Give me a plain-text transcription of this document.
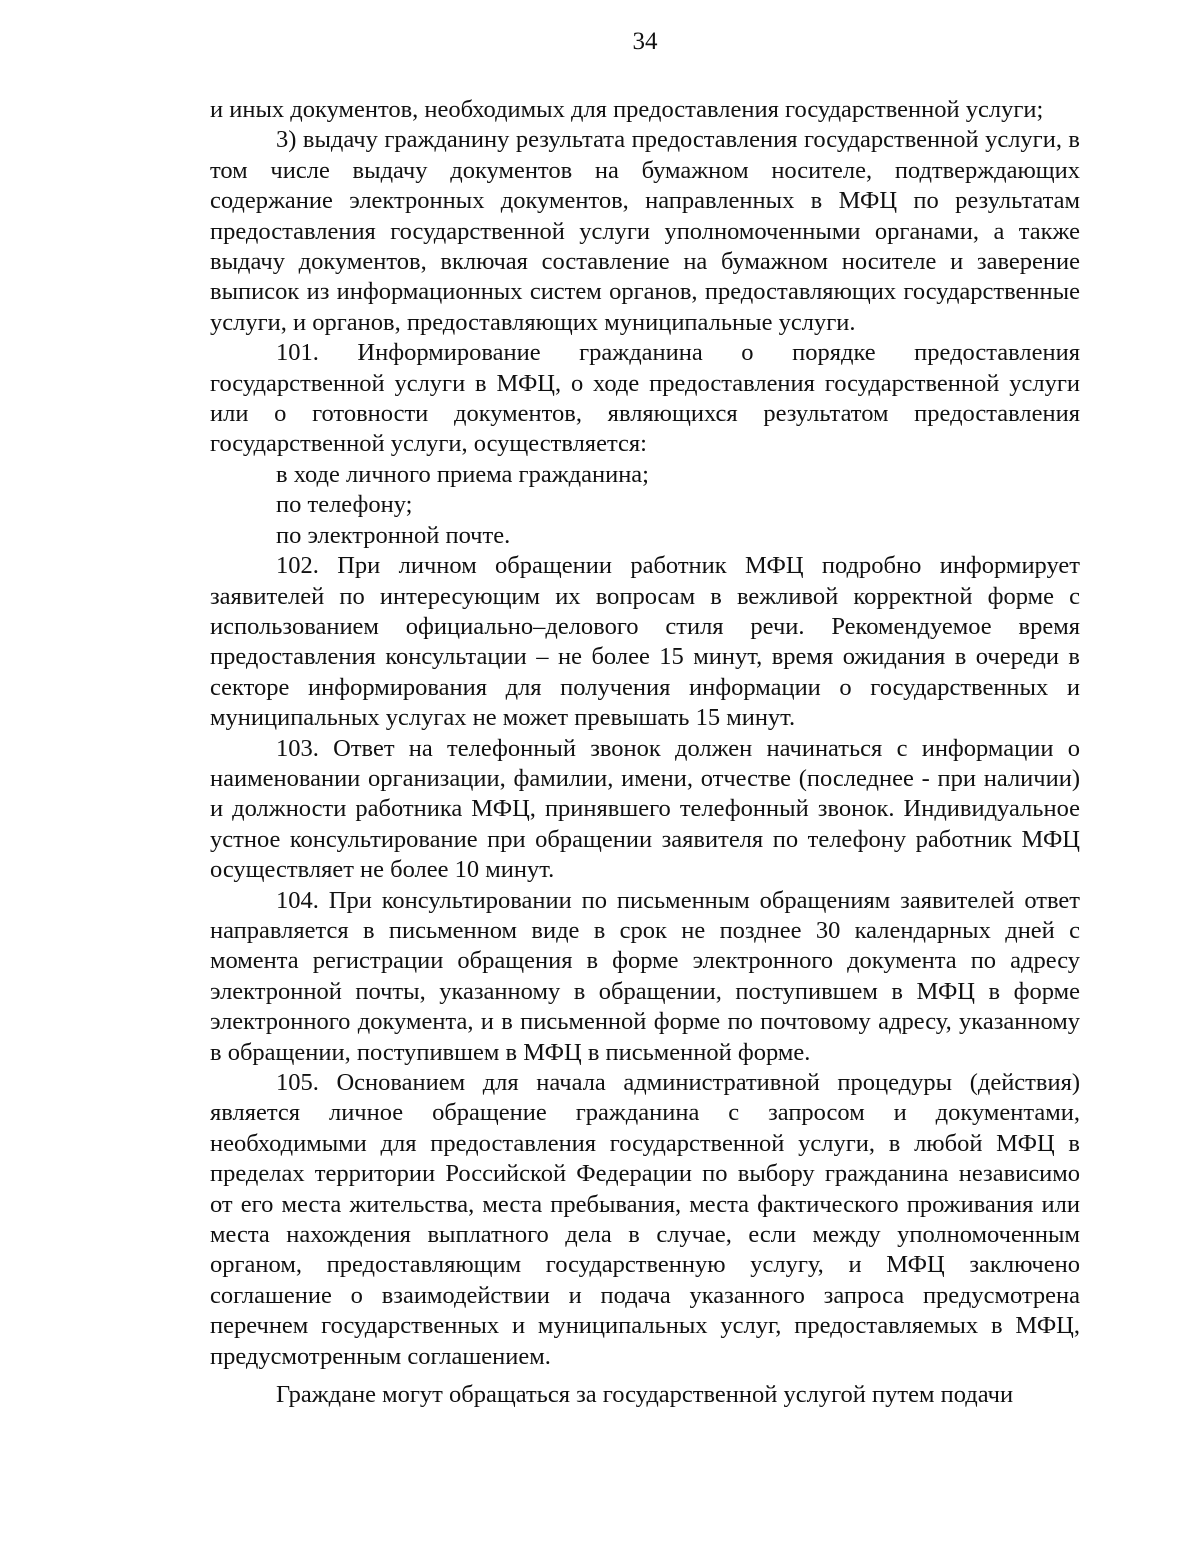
34

и иных документов, необходимых для предоставления государственной услуги;

3) выдачу гражданину результата предоставления государственной услуги, в том числе выдачу документов на бумажном носителе, подтверждающих содержание электронных документов, направленных в МФЦ по результатам предоставления государственной услуги уполномоченными органами, а также выдачу документов, включая составление на бумажном носителе и заверение выписок из информационных систем органов, предоставляющих государственные услуги, и органов, предоставляющих муниципальные услуги.

101. Информирование гражданина о порядке предоставления государственной услуги в МФЦ, о ходе предоставления государственной услуги или о готовности документов, являющихся результатом предоставления государственной услуги, осуществляется:

в ходе личного приема гражданина;

по телефону;

по электронной почте.

102. При личном обращении работник МФЦ подробно информирует заявителей по интересующим их вопросам в вежливой корректной форме с использованием официально–делового стиля речи. Рекомендуемое время предоставления консультации – не более 15 минут, время ожидания в очереди в секторе информирования для получения информации о государственных и муниципальных услугах не может превышать 15 минут.

103. Ответ на телефонный звонок должен начинаться с информации о наименовании организации, фамилии, имени, отчестве (последнее - при наличии) и должности работника МФЦ, принявшего телефонный звонок. Индивидуальное устное консультирование при обращении заявителя по телефону работник МФЦ осуществляет не более 10 минут.

104. При консультировании по письменным обращениям заявителей ответ направляется в письменном виде в срок не позднее 30 календарных дней с момента регистрации обращения в форме электронного документа по адресу электронной почты, указанному в обращении, поступившем в МФЦ в форме электронного документа, и в письменной форме по почтовому адресу, указанному в обращении, поступившем в МФЦ в письменной форме.

105. Основанием для начала административной процедуры (действия) является личное обращение гражданина с запросом и документами, необходимыми для предоставления государственной услуги, в любой МФЦ в пределах территории Российской Федерации по выбору гражданина независимо от его места жительства, места пребывания, места фактического проживания или места нахождения выплатного дела в случае, если между уполномоченным органом, предоставляющим государственную услугу, и МФЦ заключено соглашение о взаимодействии и подача указанного запроса предусмотрена перечнем государственных и муниципальных услуг, предоставляемых в МФЦ, предусмотренным соглашением.

Граждане могут обращаться за государственной услугой путем подачи
